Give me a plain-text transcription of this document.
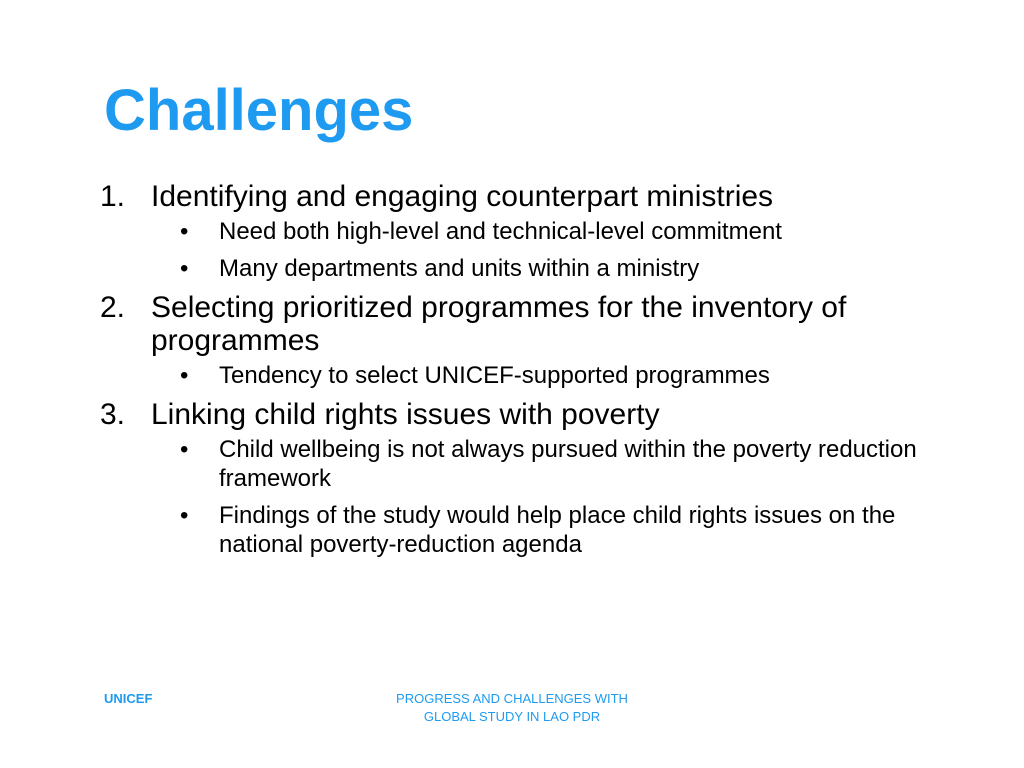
Challenges
1. Identifying and engaging counterpart ministries
• Need both high-level and technical-level commitment
• Many departments and units within a ministry
2. Selecting prioritized programmes for the inventory of programmes
• Tendency to select UNICEF-supported programmes
3. Linking child rights issues with poverty
• Child wellbeing is not always pursued within the poverty reduction framework
• Findings of the study would help place child rights issues on the national poverty-reduction agenda
UNICEF	PROGRESS AND CHALLENGES WITH
GLOBAL STUDY IN LAO PDR
